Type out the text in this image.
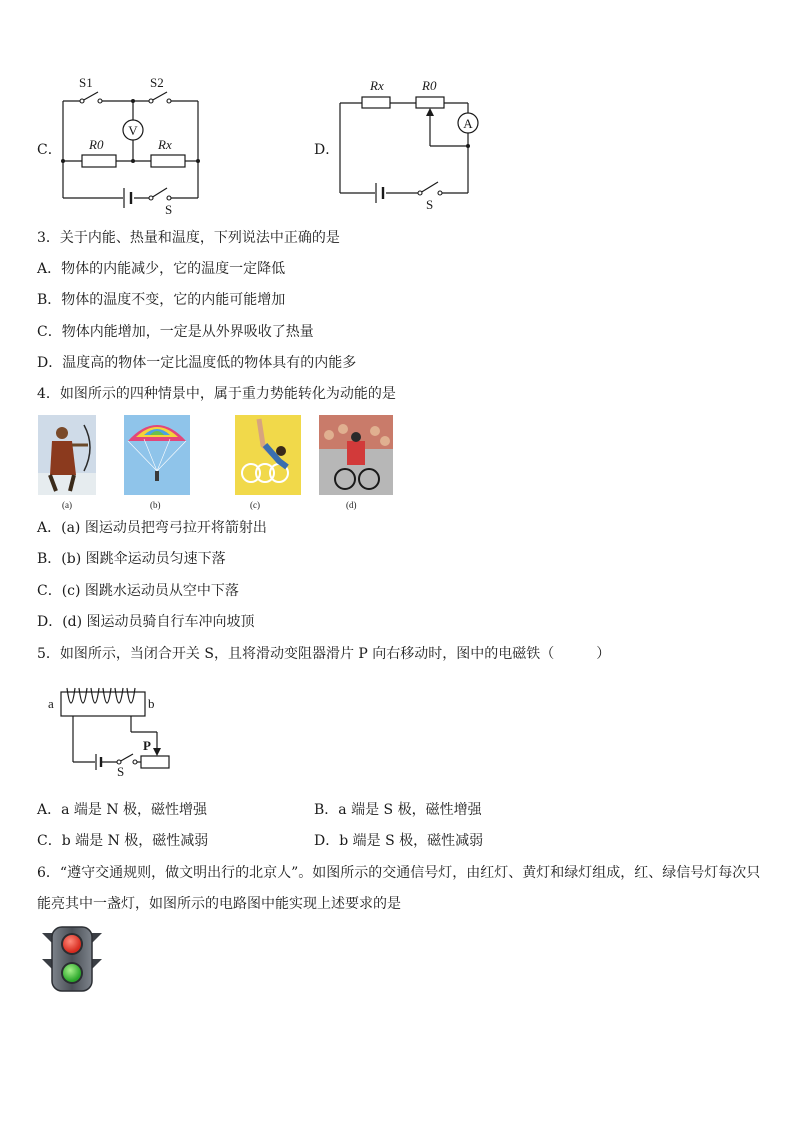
C．
V
S1	S2
R0	Rx
S
D．
A
Rx	R0
S
3．关于内能、热量和温度，下列说法中正确的是
A．物体的内能减少，它的温度一定降低
B．物体的温度不变，它的内能可能增加
C．物体内能增加，一定是从外界吸收了热量
D．温度高的物体一定比温度低的物体具有的内能多
4．如图所示的四种情景中，属于重力势能转化为动能的是
(a)	(b)	(c)	(d)
A．(a) 图运动员把弯弓拉开将箭射出
B．(b) 图跳伞运动员匀速下落
C．(c) 图跳水运动员从空中下落
D．(d) 图运动员骑自行车冲向坡顶
5．如图所示，当闭合开关 S，且将滑动变阻器滑片 P 向右移动时，图中的电磁铁（　　　）
a	b
P
S
A．a 端是 N 极，磁性增强	B．a 端是 S 极，磁性增强
C．b 端是 N 极，磁性减弱	D．b 端是 S 极，磁性减弱
6．“遵守交通规则，做文明出行的北京人”。如图所示的交通信号灯，由红灯、黄灯和绿灯组成，红、绿信号灯每次只
能亮其中一盏灯，如图所示的电路图中能实现上述要求的是
